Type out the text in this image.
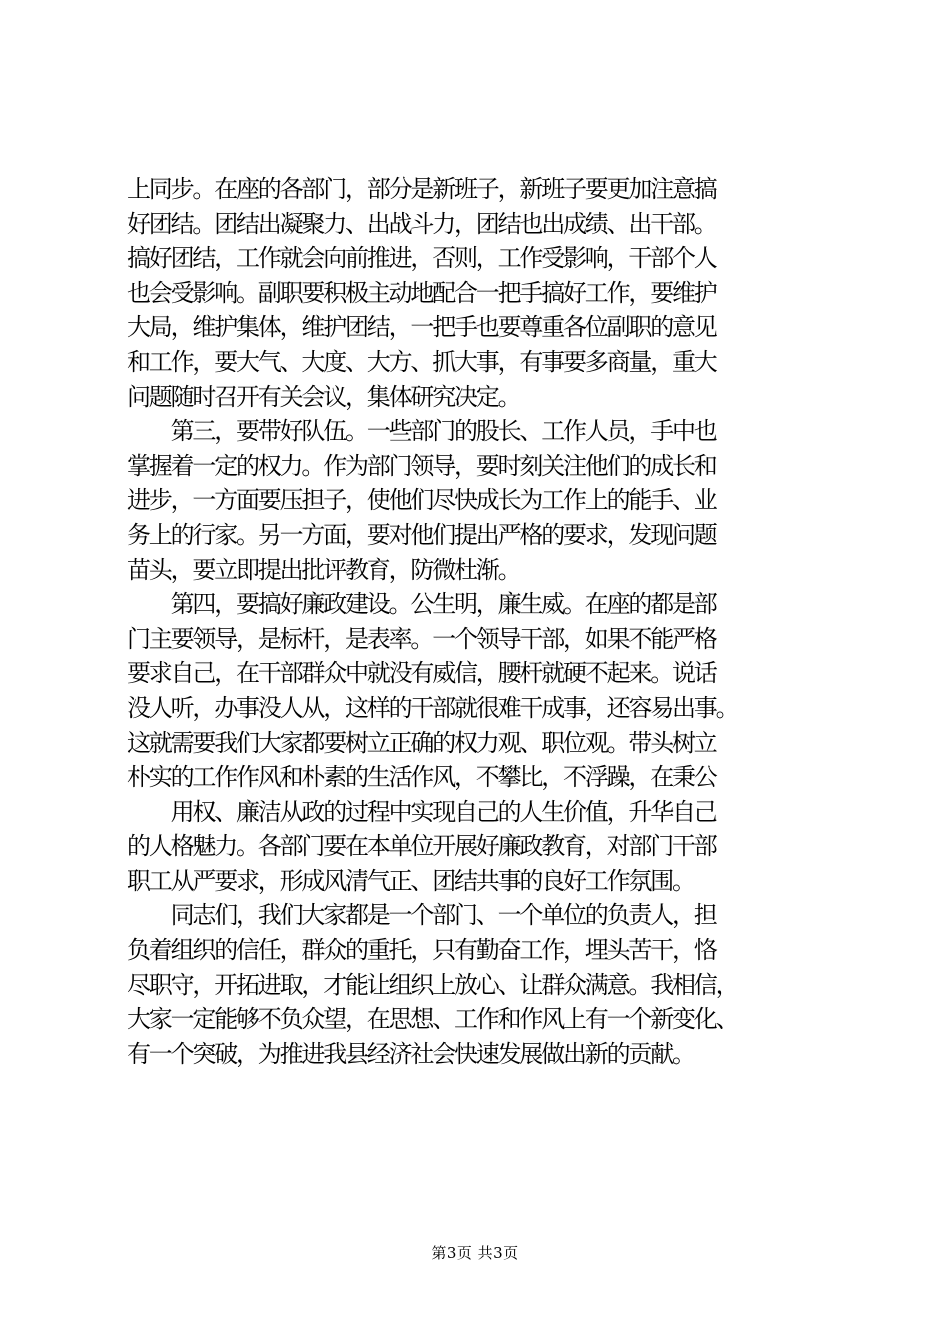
上同步。在座的各部门，部分是新班子，新班子要更加注意搞
好团结。团结出凝聚力、出战斗力，团结也出成绩、出干部。
搞好团结，工作就会向前推进，否则，工作受影响，干部个人
也会受影响。副职要积极主动地配合一把手搞好工作，要维护
大局，维护集体，维护团结，一把手也要尊重各位副职的意见
和工作，要大气、大度、大方、抓大事，有事要多商量，重大
问题随时召开有关会议，集体研究决定。
　　第三，要带好队伍。一些部门的股长、工作人员，手中也
掌握着一定的权力。作为部门领导，要时刻关注他们的成长和
进步，一方面要压担子，使他们尽快成长为工作上的能手、业
务上的行家。另一方面，要对他们提出严格的要求，发现问题
苗头，要立即提出批评教育，防微杜渐。
　　第四，要搞好廉政建设。公生明，廉生威。在座的都是部
门主要领导，是标杆，是表率。一个领导干部，如果不能严格
要求自己，在干部群众中就没有威信，腰杆就硬不起来。说话
没人听，办事没人从，这样的干部就很难干成事，还容易出事。
这就需要我们大家都要树立正确的权力观、职位观。带头树立
朴实的工作作风和朴素的生活作风，不攀比，不浮躁，在秉公
　　用权、廉洁从政的过程中实现自己的人生价值，升华自己
的人格魅力。各部门要在本单位开展好廉政教育，对部门干部
职工从严要求，形成风清气正、团结共事的良好工作氛围。
　　同志们，我们大家都是一个部门、一个单位的负责人，担
负着组织的信任，群众的重托，只有勤奋工作，埋头苦干，恪
尽职守，开拓进取，才能让组织上放心、让群众满意。我相信，
大家一定能够不负众望，在思想、工作和作风上有一个新变化、
有一个突破，为推进我县经济社会快速发展做出新的贡献。
第3页 共3页
